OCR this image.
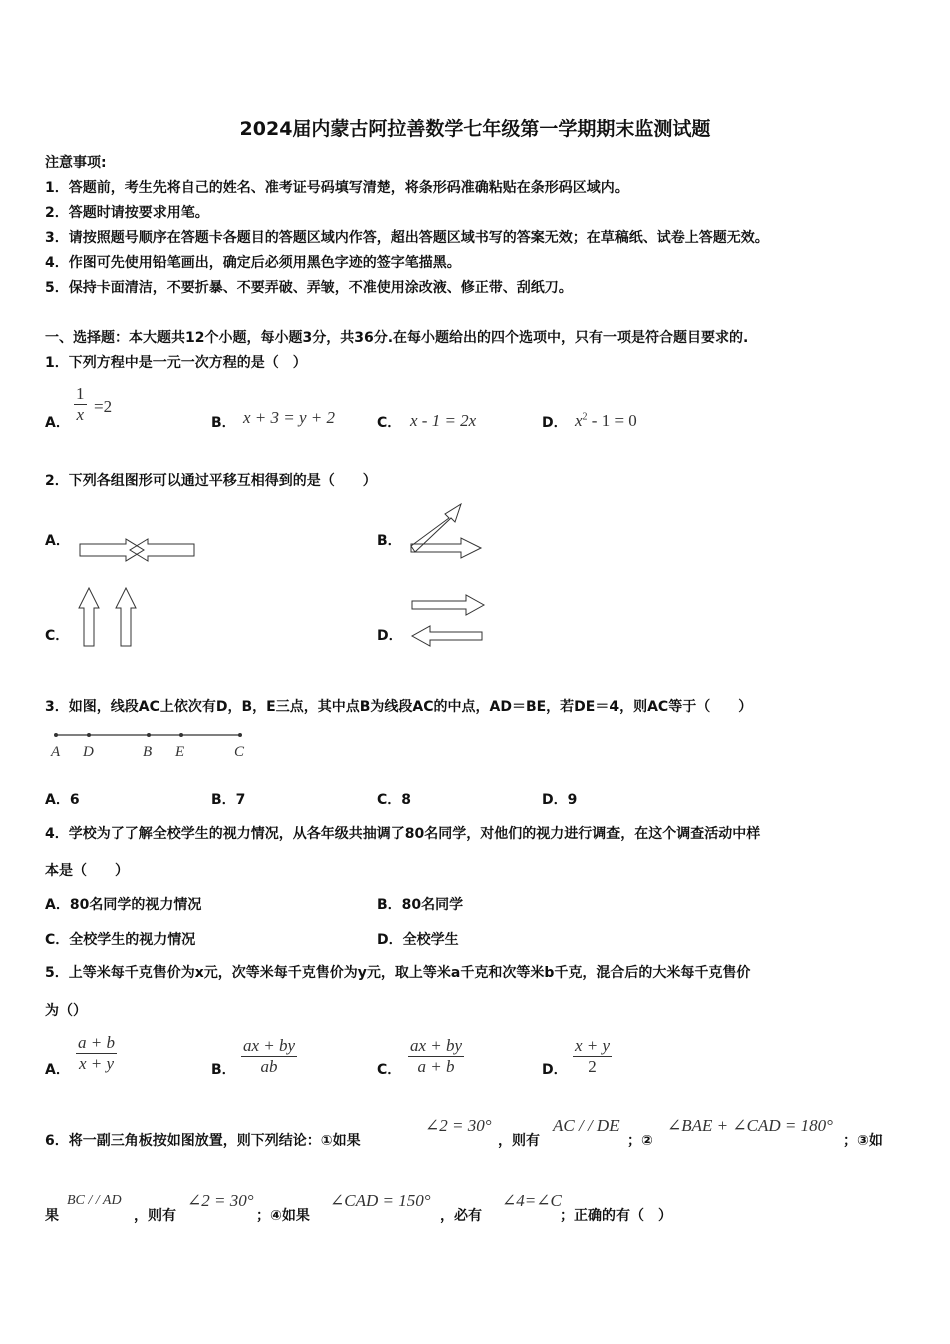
2024届内蒙古阿拉善数学七年级第一学期期末监测试题
注意事项:
1．答题前，考生先将自己的姓名、准考证号码填写清楚，将条形码准确粘贴在条形码区域内。
2．答题时请按要求用笔。
3．请按照题号顺序在答题卡各题目的答题区域内作答，超出答题区域书写的答案无效；在草稿纸、试卷上答题无效。
4．作图可先使用铅笔画出，确定后必须用黑色字迹的签字笔描黑。
5．保持卡面清洁，不要折暴、不要弄破、弄皱，不准使用涂改液、修正带、刮纸刀。
一、选择题：本大题共12个小题，每小题3分，共36分.在每小题给出的四个选项中，只有一项是符合题目要求的.
1．下列方程中是一元一次方程的是（　）
A． $\frac{1}{x} =2$
B． x + 3 = y + 2	C． x - 1 = 2x	D． $x^2 - 1 = 0$
2．下列各组图形可以通过平移互相得到的是（　　）
A．	B．
C．	D．
3．如图，线段AC上依次有D，B，E三点，其中点B为线段AC的中点，AD＝BE，若DE＝4，则AC等于（　　）
A D	B E	C
A．6	B．7	C．8	D．9
4．学校为了了解全校学生的视力情况，从各年级共抽调了80名同学，对他们的视力进行调查，在这个调查活动中样
本是（　　）
A．80名同学的视力情况	B．80名同学
C．全校学生的视力情况	D．全校学生
5．上等米每千克售价为x元，次等米每千克售价为y元，取上等米a千克和次等米b千克，混合后的大米每千克售价
为（）
A． $\frac{a + b}{x + y}$	B． $\frac{ax + by}{ab}$	C． $\frac{ax + by}{a + b}$	D． $\frac{x + y}{2}$
6．将一副三角板按如图放置，则下列结论：①如果
∠2 = 30°
，则有
AC / / DE
；②
∠BAE + ∠CAD = 180°
；③如
果
BC / / AD
，则有
∠2 = 30°
；④如果
∠CAD = 150°
，必有
∠4=∠C
；正确的有（　）
